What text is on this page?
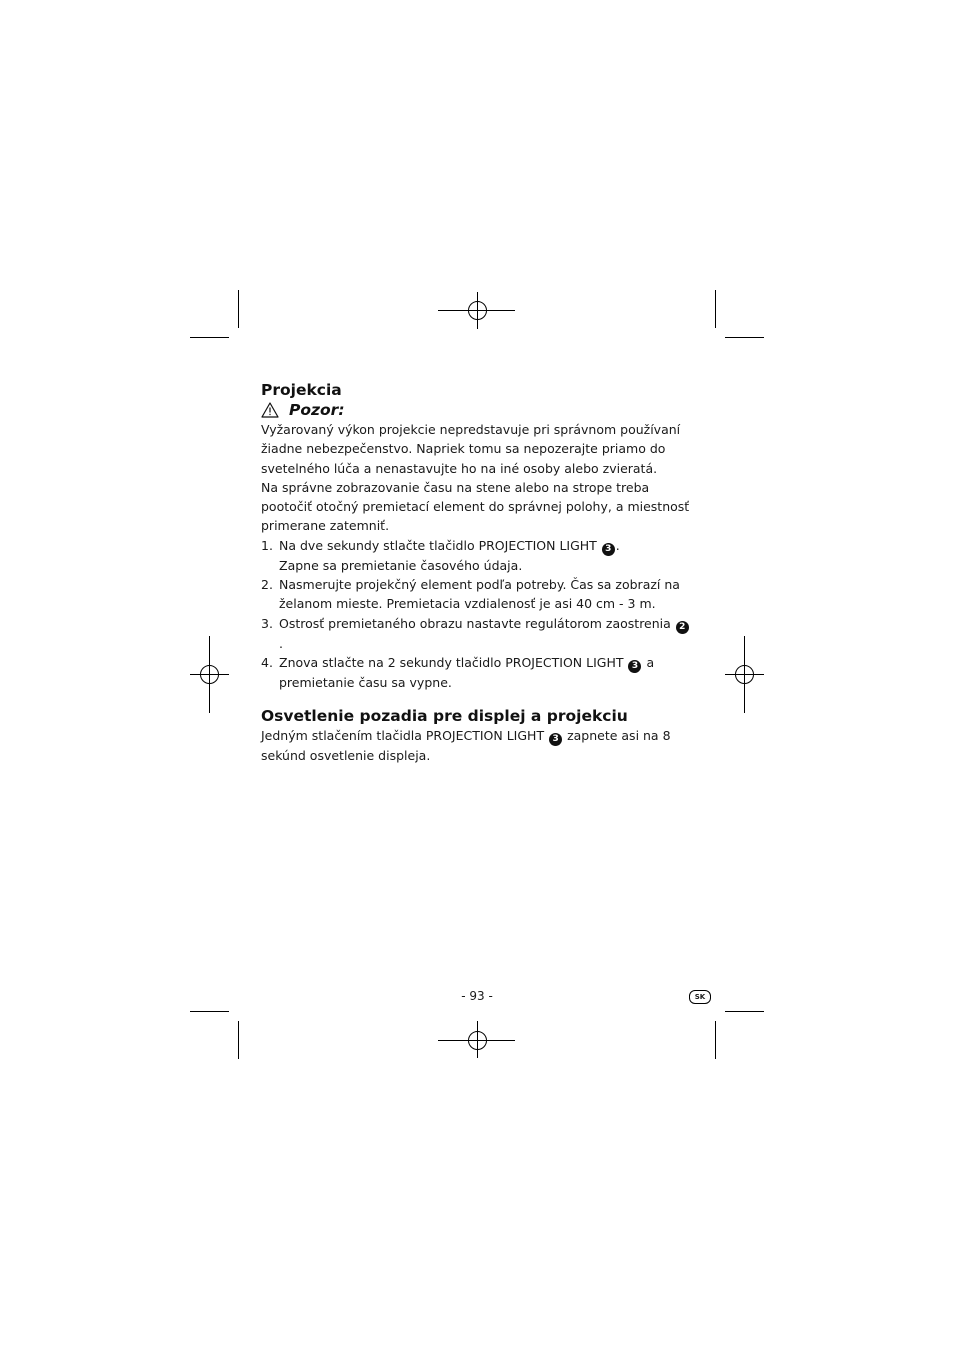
Projekcia
Pozor:

Vyžarovaný výkon projekcie nepredstavuje pri správnom používaní žiadne nebezpečenstvo. Napriek tomu sa nepozerajte priamo do svetelného lúča a nenastavujte ho na iné osoby alebo zvieratá.

Na správne zobrazovanie času na stene alebo na strope treba pootočiť otočný premietací element do správnej polohy, a miestnosť primerane zatemniť.

1. Na dve sekundy stlačte tlačidlo PROJECTION LIGHT 3 .
Zapne sa premietanie časového údaja.
2. Nasmerujte projekčný element podľa potreby. Čas sa zobrazí na želanom mieste. Premietacia vzdialenosť je asi 40 cm - 3 m.
3. Ostrosť premietaného obrazu nastavte regulátorom zaostrenia 2.
4. Znova stlačte na 2 sekundy tlačidlo PROJECTION LIGHT 3 a premietanie času sa vypne.
Osvetlenie pozadia pre displej a projekciu

Jedným stlačením tlačidla PROJECTION LIGHT 3 zapnete asi na 8 sekúnd osvetlenie displeja.

- 93 -	SK
